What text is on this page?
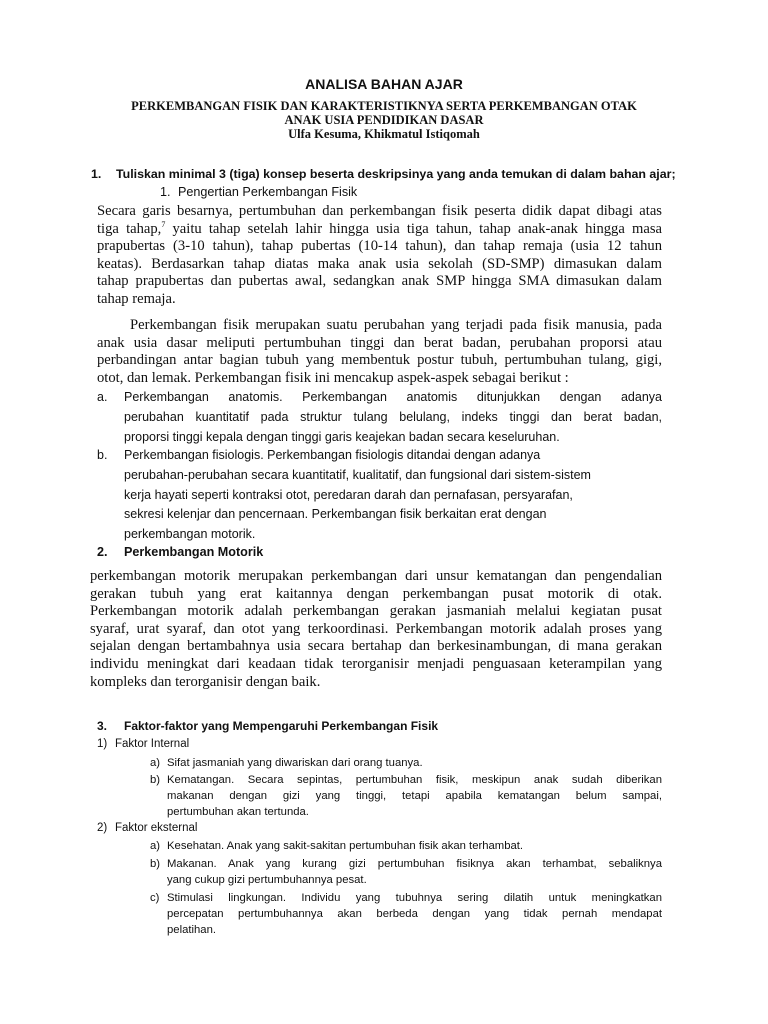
ANALISA BAHAN AJAR
PERKEMBANGAN FISIK DAN KARAKTERISTIKNYA SERTA PERKEMBANGAN OTAK
ANAK USIA PENDIDIKAN DASAR
Ulfa Kesuma, Khikmatul Istiqomah
1. Tuliskan minimal 3 (tiga) konsep beserta deskripsinya yang anda temukan di dalam bahan ajar;
1. Pengertian Perkembangan Fisik
Secara garis besarnya, pertumbuhan dan perkembangan fisik peserta didik dapat dibagi atas
tiga tahap,$^7$ yaitu tahap setelah lahir hingga usia tiga tahun, tahap anak-anak hingga masa
prapubertas (3-10 tahun), tahap pubertas (10-14 tahun), dan tahap remaja (usia 12 tahun
keatas). Berdasarkan tahap diatas maka anak usia sekolah (SD-SMP) dimasukan dalam
tahap prapubertas dan pubertas awal, sedangkan anak SMP hingga SMA dimasukan dalam
tahap remaja.
Perkembangan fisik merupakan suatu perubahan yang terjadi pada fisik manusia, pada
anak usia dasar meliputi pertumbuhan tinggi dan berat badan, perubahan proporsi atau
perbandingan antar bagian tubuh yang membentuk postur tubuh, pertumbuhan tulang, gigi,
otot, dan lemak. Perkembangan fisik ini mencakup aspek-aspek sebagai berikut :
a. Perkembangan anatomis. Perkembangan anatomis ditunjukkan dengan adanya
perubahan kuantitatif pada struktur tulang belulang, indeks tinggi dan berat badan,
proporsi tinggi kepala dengan tinggi garis keajekan badan secara keseluruhan.
b. Perkembangan fisiologis. Perkembangan fisiologis ditandai dengan adanya
perubahan-perubahan secara kuantitatif, kualitatif, dan fungsional dari sistem-sistem
kerja hayati seperti kontraksi otot, peredaran darah dan pernafasan, persyarafan,
sekresi kelenjar dan pencernaan. Perkembangan fisik berkaitan erat dengan
perkembangan motorik.
2. Perkembangan Motorik
perkembangan motorik merupakan perkembangan dari unsur kematangan dan pengendalian
gerakan tubuh yang erat kaitannya dengan perkembangan pusat motorik di otak.
Perkembangan motorik adalah perkembangan gerakan jasmaniah melalui kegiatan pusat
syaraf, urat syaraf, dan otot yang terkoordinasi. Perkembangan motorik adalah proses yang
sejalan dengan bertambahnya usia secara bertahap dan berkesinambungan, di mana gerakan
individu meningkat dari keadaan tidak terorganisir menjadi penguasaan keterampilan yang
kompleks dan terorganisir dengan baik.
3. Faktor-faktor yang Mempengaruhi Perkembangan Fisik
1) Faktor Internal
a) Sifat jasmaniah yang diwariskan dari orang tuanya.
b) Kematangan. Secara sepintas, pertumbuhan fisik, meskipun anak sudah diberikan
makanan dengan gizi yang tinggi, tetapi apabila kematangan belum sampai,
pertumbuhan akan tertunda.
2) Faktor eksternal
a) Kesehatan. Anak yang sakit-sakitan pertumbuhan fisik akan terhambat.
b) Makanan. Anak yang kurang gizi pertumbuhan fisiknya akan terhambat, sebaliknya
yang cukup gizi pertumbuhannya pesat.
c) Stimulasi lingkungan. Individu yang tubuhnya sering dilatih untuk meningkatkan
percepatan pertumbuhannya akan berbeda dengan yang tidak pernah mendapat
pelatihan.
